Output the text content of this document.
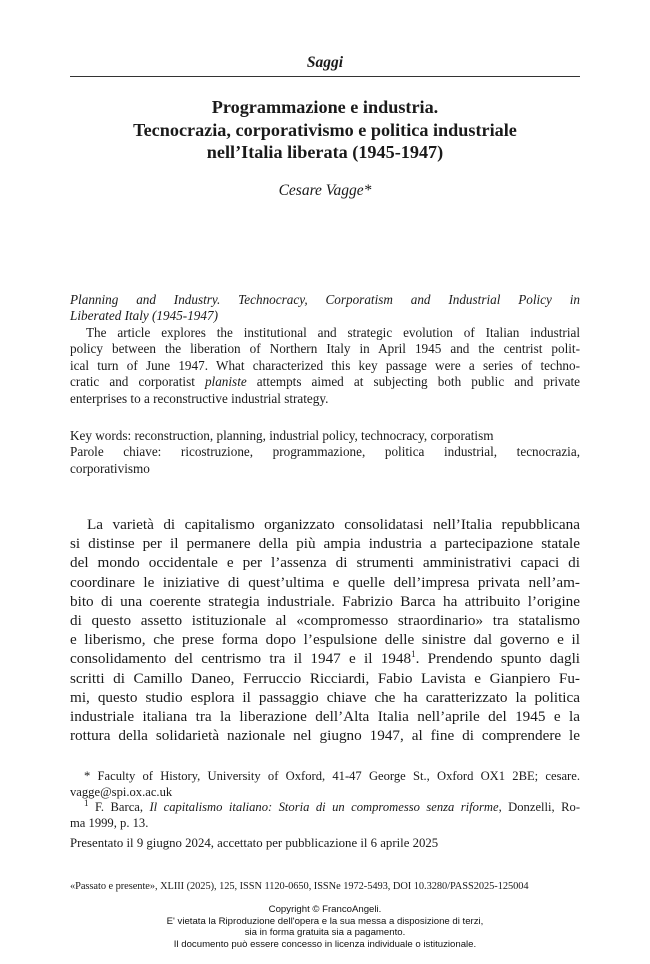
Saggi
Programmazione e industria.
Tecnocrazia, corporativismo e politica industriale
nell’Italia liberata (1945-1947)
Cesare Vagge*
Planning and Industry. Technocracy, Corporatism and Industrial Policy in
Liberated Italy (1945-1947)
The article explores the institutional and strategic evolution of Italian industrial
policy between the liberation of Northern Italy in April 1945 and the centrist polit-
ical turn of June 1947. What characterized this key passage were a series of techno-
cratic and corporatist planiste attempts aimed at subjecting both public and private
enterprises to a reconstructive industrial strategy.
Key words: reconstruction, planning, industrial policy, technocracy, corporatism
Parole chiave: ricostruzione, programmazione, politica industrial, tecnocrazia,
corporativismo
La varietà di capitalismo organizzato consolidatasi nell’Italia repubblicana
si distinse per il permanere della più ampia industria a partecipazione statale
del mondo occidentale e per l’assenza di strumenti amministrativi capaci di
coordinare le iniziative di quest’ultima e quelle dell’impresa privata nell’am-
bito di una coerente strategia industriale. Fabrizio Barca ha attribuito l’origine
di questo assetto istituzionale al «compromesso straordinario» tra statalismo
e liberismo, che prese forma dopo l’espulsione delle sinistre dal governo e il
consolidamento del centrismo tra il 1947 e il 1948$^1$. Prendendo spunto dagli
scritti di Camillo Daneo, Ferruccio Ricciardi, Fabio Lavista e Gianpiero Fu-
mi, questo studio esplora il passaggio chiave che ha caratterizzato la politica
industriale italiana tra la liberazione dell’Alta Italia nell’aprile del 1945 e la
rottura della solidarietà nazionale nel giugno 1947, al fine di comprendere le
* Faculty of History, University of Oxford, 41-47 George St., Oxford OX1 2BE; cesare.
vagge@spi.ox.ac.uk
$^1$ F. Barca, Il capitalismo italiano: Storia di un compromesso senza riforme, Donzelli, Ro-
ma 1999, p. 13.
Presentato il 9 giugno 2024, accettato per pubblicazione il 6 aprile 2025
«Passato e presente», XLIII (2025), 125, ISSN 1120-0650, ISSNe 1972-5493, DOI 10.3280/PASS2025-125004
Copyright © FrancoAngeli.
E' vietata la Riproduzione dell'opera e la sua messa a disposizione di terzi,
sia in forma gratuita sia a pagamento.
Il documento può essere concesso in licenza individuale o istituzionale.
